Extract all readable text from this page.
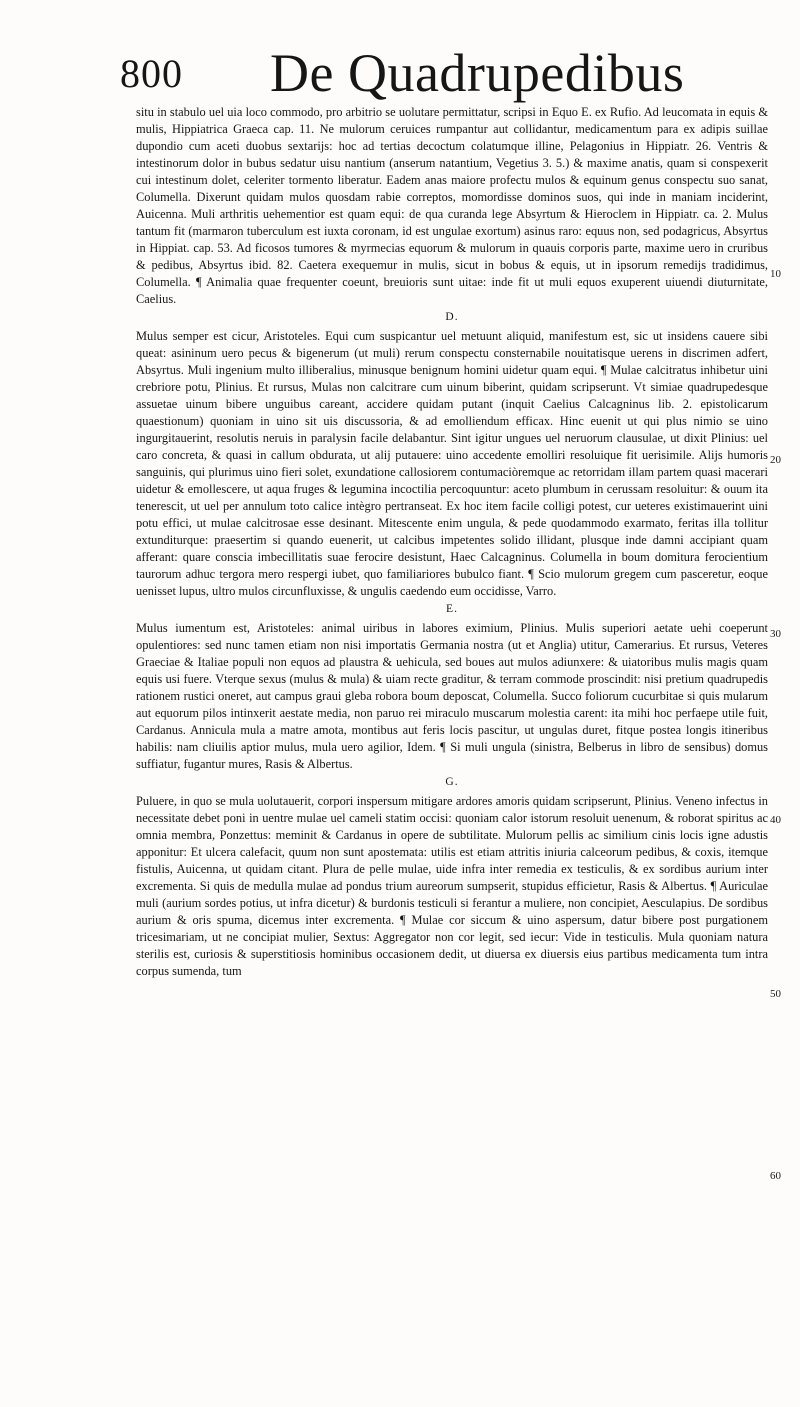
800 De Quadrupedibus

situ in stabulo uel uia loco commodo, pro arbitrio se uolutare permittatur, scripsi in Equo E. ex Rufio. Ad leucomata in equis & mulis, Hippiatrica Graeca cap. 11. Ne mulorum ceruices rumpantur aut collidantur, medicamentum para ex adipis suillae dupondio cum aceti duobus sextarijs: hoc ad tertias decoctum colatumque illine, Pelagonius in Hippiatr. 26. Ventris & intestinorum dolor in bubus sedatur uisu nantium (anserum natantium, Vegetius 3. 5.) & maxime anatis, quam si conspexerit cui intestinum dolet, celeriter tormento liberatur. Eadem anas maiore profectu mulos & equinum genus conspectu suo sanat, Columella. Dixerunt quidam mulos quosdam rabie correptos, momordisse dominos suos, qui inde in maniam inciderint, Auicenna. Muli arthritis uehementior est quam equi: de qua curanda lege Absyrtum & Hieroclem in Hippiatr. ca. 2. Mulus tantum fit (marmaron tuberculum est iuxta coronam, id est ungulae exortum) asinus raro: equus non, sed podagricus, Absyrtus in Hippiat. cap. 53. Ad ficosos tumores & myrmecias equorum & mulorum in quauis corporis parte, maxime uero in cruribus & pedibus, Absyrtus ibid. 82. Caetera exequemur in mulis, sicut in bobus & equis, ut in ipsorum remedijs tradidimus, Columella. ¶ Animalia quae frequenter coeunt, breuioris sunt uitae: inde fit ut muli equos exuperent uiuendi diuturnitate, Caelius.

D.

Mulus semper est cicur, Aristoteles. Equi cum suspicantur uel metuunt aliquid, manifestum est, sic ut insidens cauere sibi queat: asininum uero pecus & bigenerum (ut muli) rerum conspectu consternabile nouitatisque uerens in discrimen adfert, Absyrtus. Muli ingenium multo illiberalius, minusque benignum homini uidetur quam equi. ¶ Mulae calcitratus inhibetur uini crebriore potu, Plinius. Et rursus, Mulas non calcitrare cum uinum biberint, quidam scripserunt. Vt simiae quadrupedesque assuetae uinum bibere unguibus careant, accidere quidam putant (inquit Caelius Calcagninus lib. 2. epistolicarum quaestionum) quoniam in uino sit uis discussoria, & ad emolliendum efficax. Hinc euenit ut qui plus nimio se uino ingurgitauerint, resolutis neruis in paralysin facile delabantur. Sint igitur ungues uel neruorum clausulae, ut dixit Plinius: uel caro concreta, & quasi in callum obdurata, ut alij putauere: uino accedente emolliri resoluique fit uerisimile. Alijs humoris sanguinis, qui plurimus uino fieri solet, exundatione callosiorem contumaciòremque ac retorridam illam partem quasi macerari uidetur & emollescere, ut aqua fruges & legumina incoctilia percoquuntur: aceto plumbum in cerussam resoluitur: & ouum ita tenerescit, ut uel per annulum toto calice intègro pertranseat. Ex hoc item facile colligi potest, cur ueteres existimauerint uini potu effici, ut mulae calcitrosae esse desinant. Mitescente enim ungula, & pede quodammodo exarmato, feritas illa tollitur extunditurque: praesertim si quando euenerit, ut calcibus impetentes solido illidant, plusque inde damni accipiant quam afferant: quare conscia imbecillitatis suae ferocire desistunt, Haec Calcagninus. Columella in boum domitura ferocientium taurorum adhuc tergora mero respergi iubet, quo familiariores bubulco fiant. ¶ Scio mulorum gregem cum pasceretur, eoque uenisset lupus, ultro mulos circunfluxisse, & ungulis caedendo eum occidisse, Varro.

E.

Mulus iumentum est, Aristoteles: animal uiribus in labores eximium, Plinius. Mulis superiori aetate uehi coeperunt opulentiores: sed nunc tamen etiam non nisi importatis Germania nostra (ut et Anglia) utitur, Camerarius. Et rursus, Veteres Graeciae & Italiae populi non equos ad plaustra & uehicula, sed boues aut mulos adiunxere: & uiatoribus mulis magis quam equis usi fuere. Vterque sexus (mulus & mula) & uiam recte graditur, & terram commode proscindit: nisi pretium quadrupedis rationem rustici oneret, aut campus graui gleba robora boum deposcat, Columella. Succo foliorum cucurbitae si quis mularum aut equorum pilos intinxerit aestate media, non paruo rei miraculo muscarum molestia carent: ita mihi hoc perfaepe utile fuit, Cardanus. Annicula mula a matre amota, montibus aut feris locis pascitur, ut ungulas duret, fitque postea longis itineribus habilis: nam cliuilis aptior mulus, mula uero agilior, Idem. ¶ Si muli ungula (sinistra, Belberus in libro de sensibus) domus suffiatur, fugantur mures, Rasis & Albertus.

G.

Puluere, in quo se mula uolutauerit, corpori inspersum mitigare ardores amoris quidam scripserunt, Plinius. Veneno infectus in necessitate debet poni in uentre mulae uel cameli statim occisi: quoniam calor istorum resoluit uenenum, & roborat spiritus ac omnia membra, Ponzettus: meminit & Cardanus in opere de subtilitate. Mulorum pellis ac similium cinis locis igne adustis apponitur: Et ulcera calefacit, quum non sunt apostemata: utilis est etiam attritis iniuria calceorum pedibus, & coxis, itemque fistulis, Auicenna, ut quidam citant. Plura de pelle mulae, uide infra inter remedia ex testiculis, & ex sordibus aurium inter excrementa. Si quis de medulla mulae ad pondus trium aureorum sumpserit, stupidus efficietur, Rasis & Albertus. ¶ Auriculae muli (aurium sordes potius, ut infra dicetur) & burdonis testiculi si ferantur a muliere, non concipiet, Aesculapius. De sordibus aurium & oris spuma, dicemus inter excrementa. ¶ Mulae cor siccum & uino aspersum, datur bibere post purgationem tricesimariam, ut ne concipiat mulier, Sextus: Aggregator non cor legit, sed iecur: Vide in testiculis. Mula quoniam natura sterilis est, curiosis & superstitiosis hominibus occasionem dedit, ut diuersa ex diuersis eius partibus medicamenta tum intra corpus sumenda, tum

10
20
30
40
50
60
